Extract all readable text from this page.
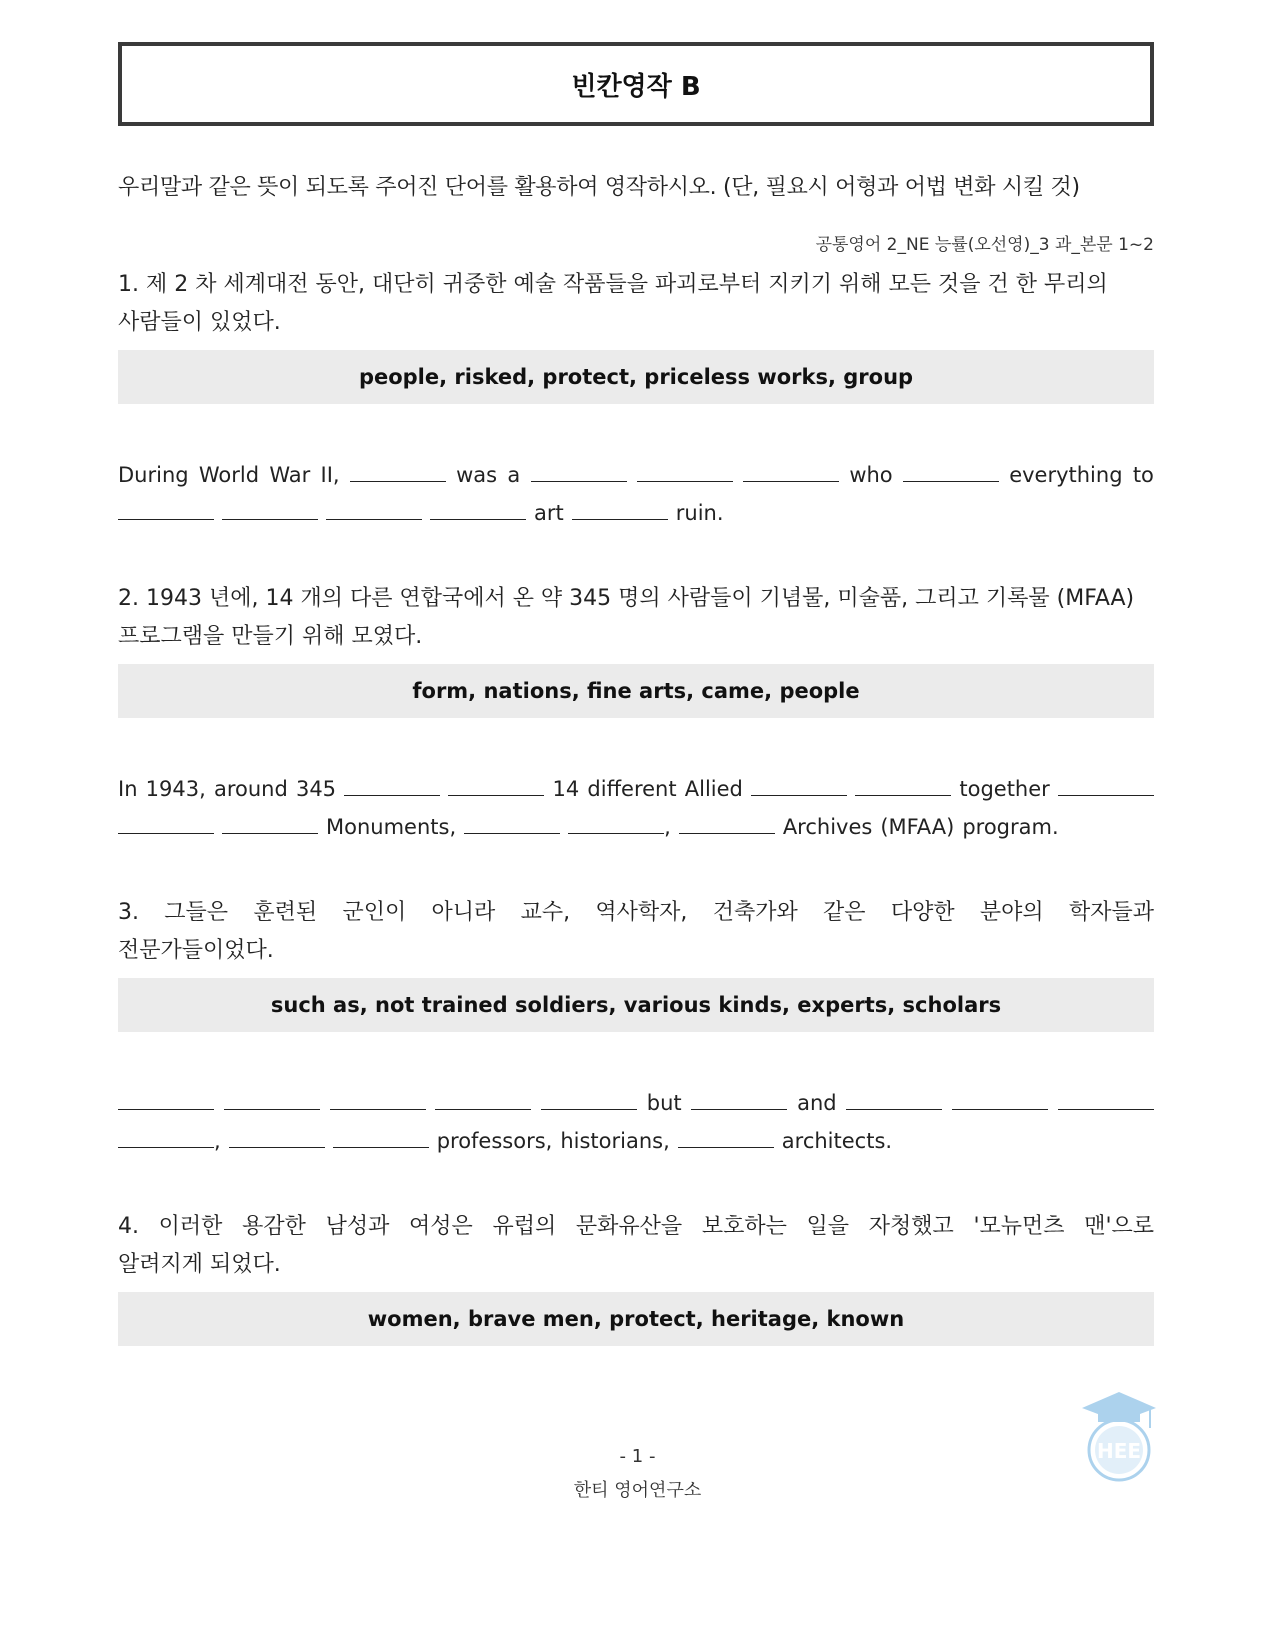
빈칸영작 B
우리말과 같은 뜻이 되도록 주어진 단어를 활용하여 영작하시오. (단, 필요시 어형과 어법 변화 시킬 것)
공통영어 2_NE 능률(오선영)_3 과_본문 1~2
1. 제 2 차 세계대전 동안, 대단히 귀중한 예술 작품들을 파괴로부터 지키기 위해 모든 것을 건 한 무리의
사람들이 있었다.
people, risked, protect, priceless works, group
During World War II,	was a	who	everything to
art	ruin.
2. 1943 년에, 14 개의 다른 연합국에서 온 약 345 명의 사람들이 기념물, 미술품, 그리고 기록물 (MFAA)
프로그램을 만들기 위해 모였다.
form, nations, fine arts, came, people
In 1943, around 345	14 different Allied	together
Monuments,	,	Archives (MFAA) program.
3. 그들은 훈련된 군인이 아니라 교수, 역사학자, 건축가와 같은 다양한 분야의 학자들과
전문가들이었다.
such as, not trained soldiers, various kinds, experts, scholars
but	and
,	professors, historians,	architects.
4. 이러한 용감한 남성과 여성은 유럽의 문화유산을 보호하는 일을 자청했고 '모뉴먼츠 맨'으로
알려지게 되었다.
women, brave men, protect, heritage, known
HEE
- 1 -
한티 영어연구소
